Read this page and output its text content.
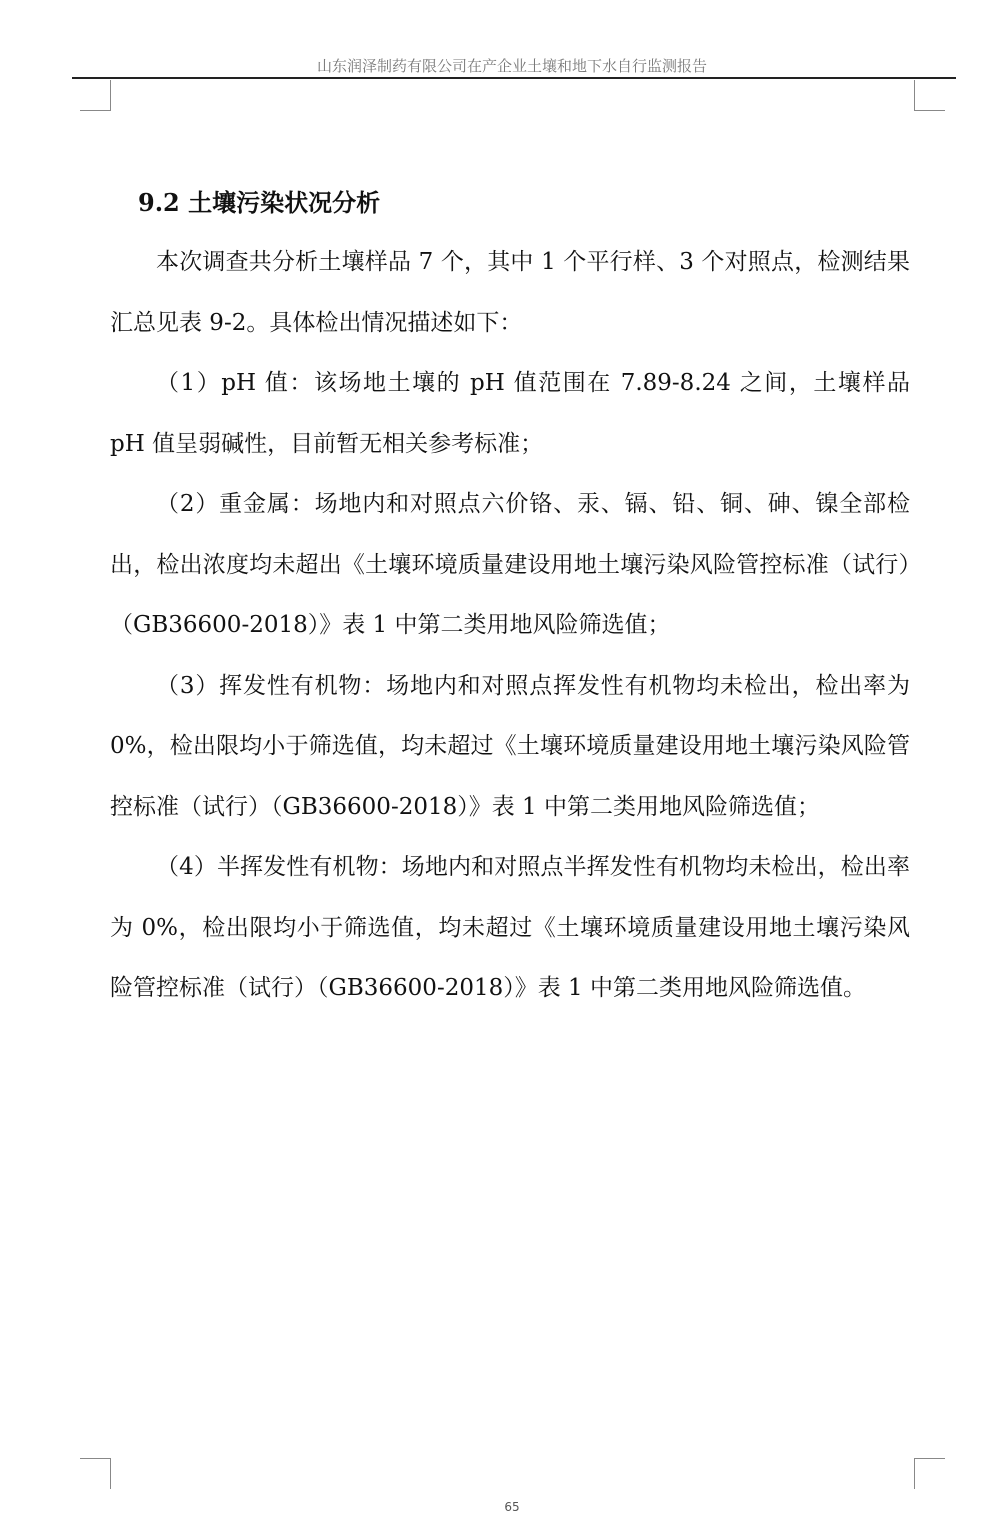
山东润泽制药有限公司在产企业土壤和地下水自行监测报告
9.2 土壤污染状况分析

本次调查共分析土壤样品 7 个，其中 1 个平行样、3 个对照点，检测结果汇总见表 9-2。具体检出情况描述如下：

（1）pH 值：该场地土壤的 pH 值范围在 7.89-8.24 之间，土壤样品 pH 值呈弱碱性，目前暂无相关参考标准；

（2）重金属：场地内和对照点六价铬、汞、镉、铅、铜、砷、镍全部检出，检出浓度均未超出《土壤环境质量建设用地土壤污染风险管控标准（试行）（GB36600-2018）》表 1 中第二类用地风险筛选值；

（3）挥发性有机物：场地内和对照点挥发性有机物均未检出，检出率为 0%，检出限均小于筛选值，均未超过《土壤环境质量建设用地土壤污染风险管控标准（试行）（GB36600-2018）》表 1 中第二类用地风险筛选值；

（4）半挥发性有机物：场地内和对照点半挥发性有机物均未检出，检出率为 0%，检出限均小于筛选值，均未超过《土壤环境质量建设用地土壤污染风险管控标准（试行）（GB36600-2018）》表 1 中第二类用地风险筛选值。

65
